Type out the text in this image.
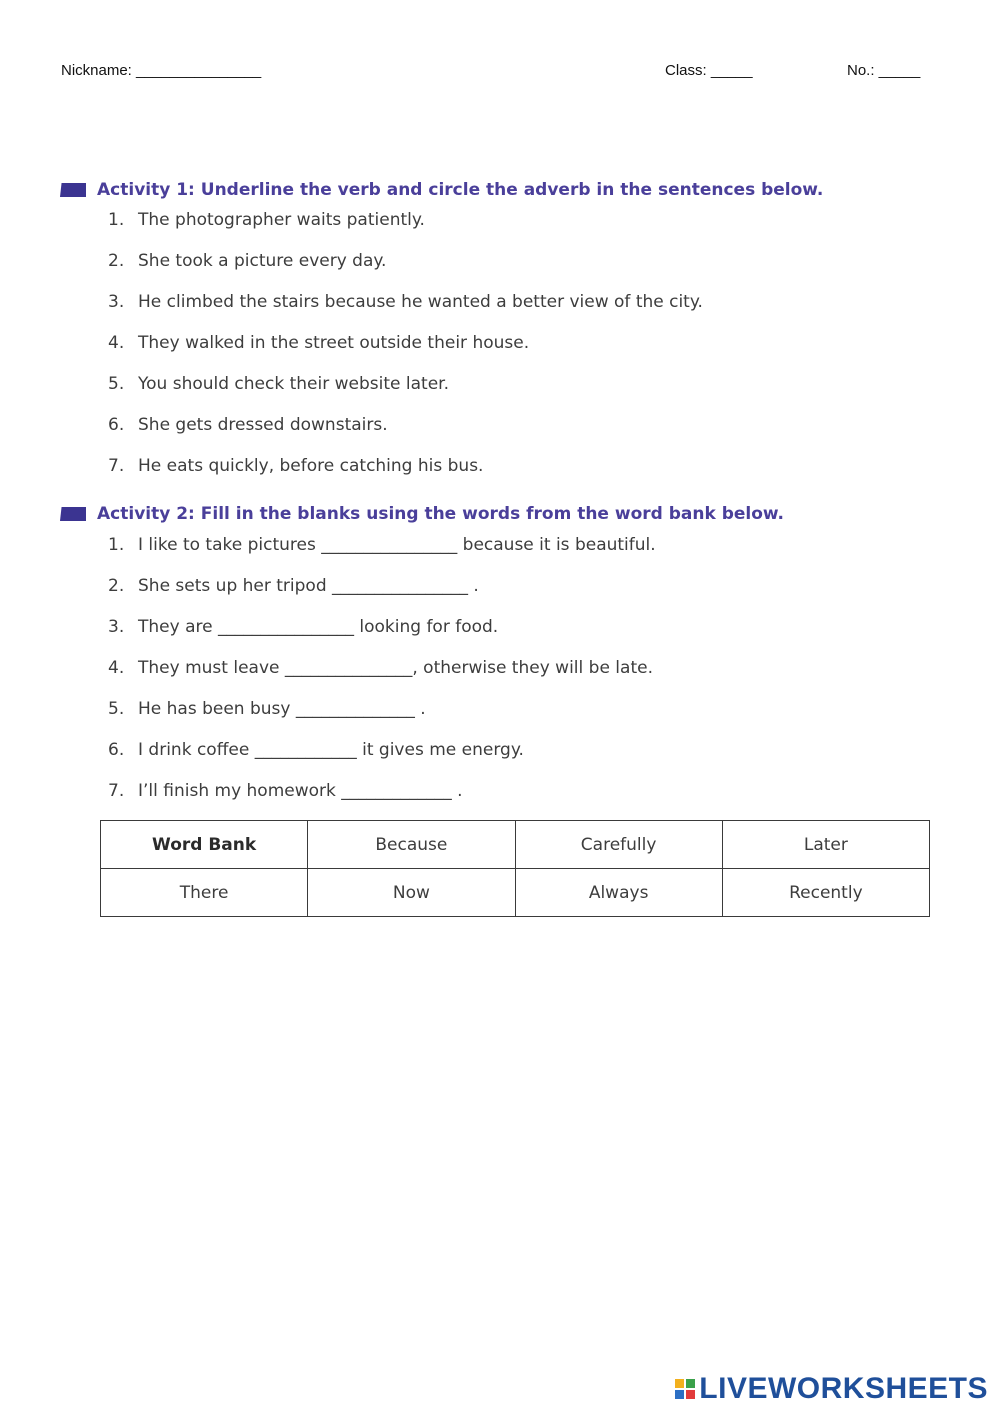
Nickname: _______________	Class: _____	No.: _____
Activity 1: Underline the verb and circle the adverb in the sentences below.
1. The photographer waits patiently.
2. She took a picture every day.
3. He climbed the stairs because he wanted a better view of the city.
4. They walked in the street outside their house.
5. You should check their website later.
6. She gets dressed downstairs.
7. He eats quickly, before catching his bus.
Activity 2: Fill in the blanks using the words from the word bank below.
1. I like to take pictures ________________ because it is beautiful.
2. She sets up her tripod ________________ .
3. They are ________________ looking for food.
4. They must leave _______________, otherwise they will be late.
5. He has been busy ______________ .
6. I drink coffee ____________ it gives me energy.
7. I’ll finish my homework _____________ .
Word Bank	Because	Carefully	Later
There	Now	Always	Recently
LIVEWORKSHEETS
